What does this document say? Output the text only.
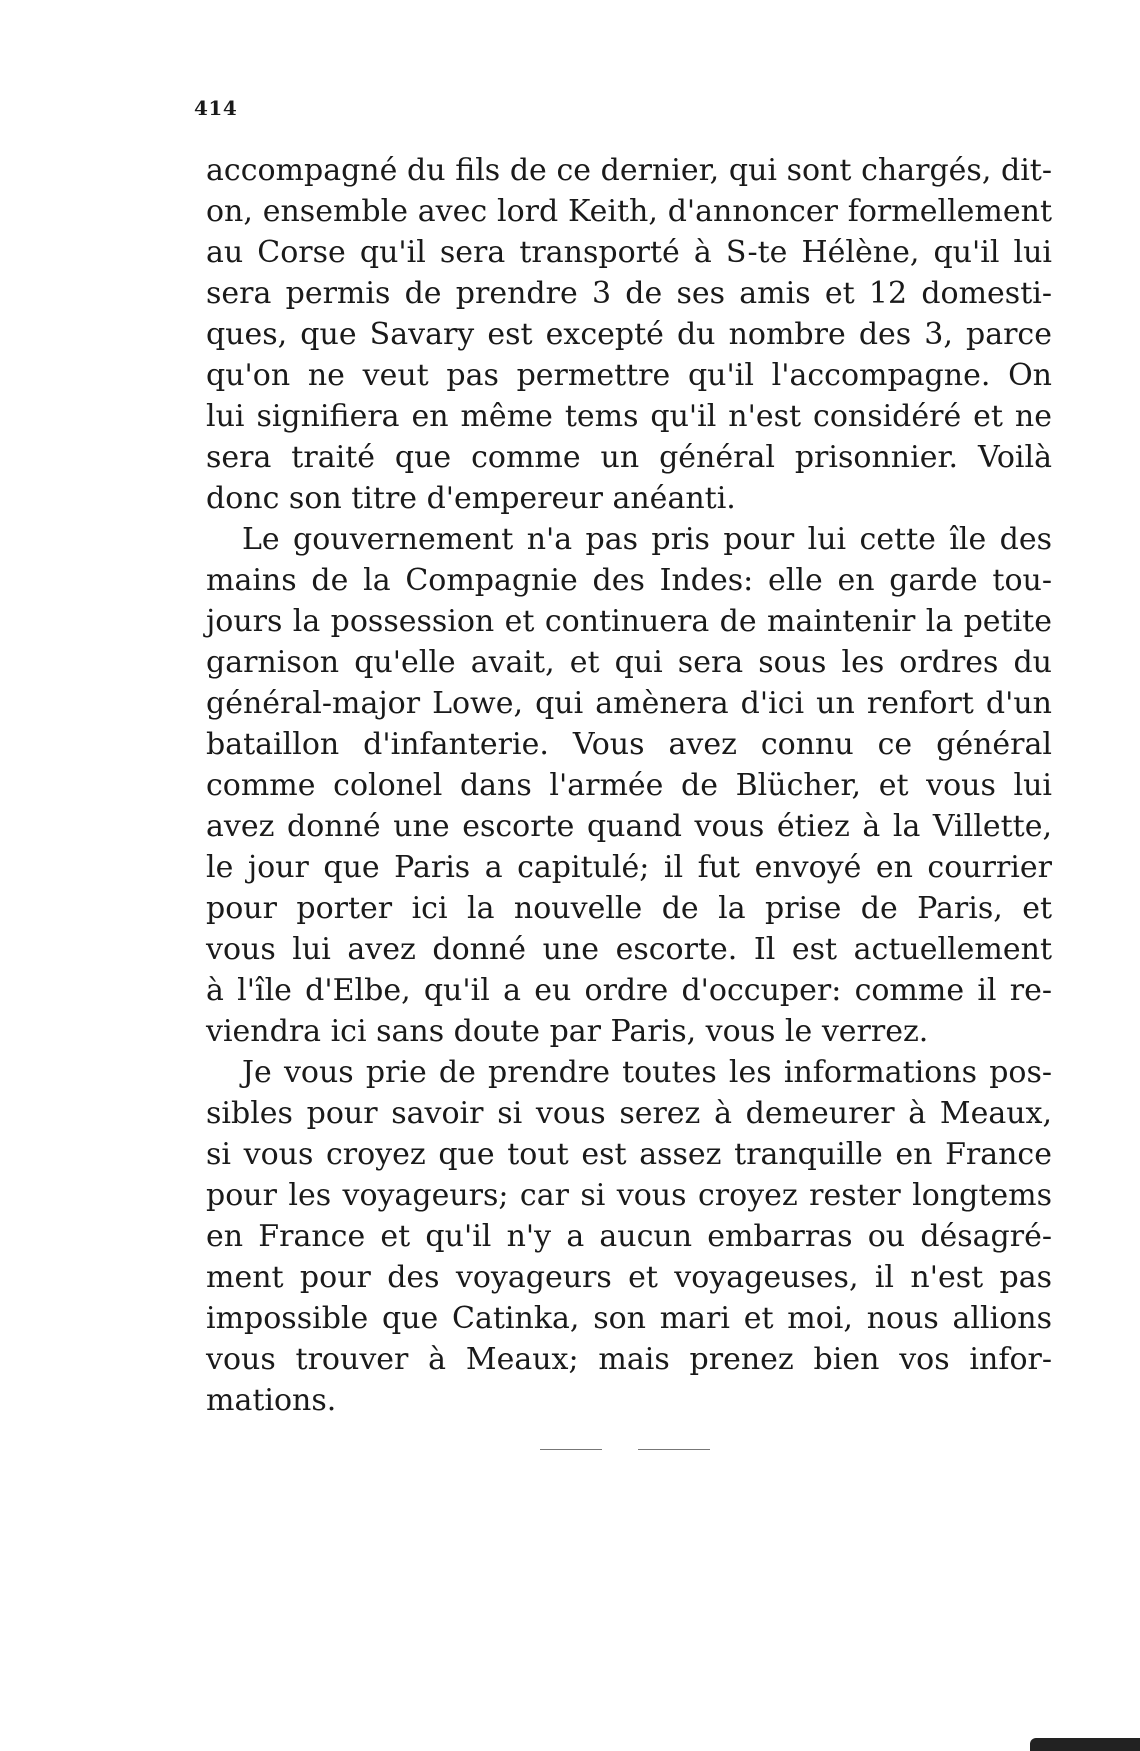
414
accompagné du fils de ce dernier, qui sont chargés, dit-
on, ensemble avec lord Keith, d'annoncer formellement
au Corse qu'il sera transporté à S-te Hélène, qu'il lui
sera permis de prendre 3 de ses amis et 12 domesti-
ques, que Savary est excepté du nombre des 3, parce
qu'on ne veut pas permettre qu'il l'accompagne. On
lui signifiera en même tems qu'il n'est considéré et ne
sera traité que comme un général prisonnier. Voilà
donc son titre d'empereur anéanti.
Le gouvernement n'a pas pris pour lui cette île des
mains de la Compagnie des Indes: elle en garde tou-
jours la possession et continuera de maintenir la petite
garnison qu'elle avait, et qui sera sous les ordres du
général-major Lowe, qui amènera d'ici un renfort d'un
bataillon d'infanterie. Vous avez connu ce général
comme colonel dans l'armée de Blücher, et vous lui
avez donné une escorte quand vous étiez à la Villette,
le jour que Paris a capitulé; il fut envoyé en courrier
pour porter ici la nouvelle de la prise de Paris, et
vous lui avez donné une escorte. Il est actuellement
à l'île d'Elbe, qu'il a eu ordre d'occuper: comme il re-
viendra ici sans doute par Paris, vous le verrez.
Je vous prie de prendre toutes les informations pos-
sibles pour savoir si vous serez à demeurer à Meaux,
si vous croyez que tout est assez tranquille en France
pour les voyageurs; car si vous croyez rester longtems
en France et qu'il n'y a aucun embarras ou désagré-
ment pour des voyageurs et voyageuses, il n'est pas
impossible que Catinka, son mari et moi, nous allions
vous trouver à Meaux; mais prenez bien vos infor-
mations.
